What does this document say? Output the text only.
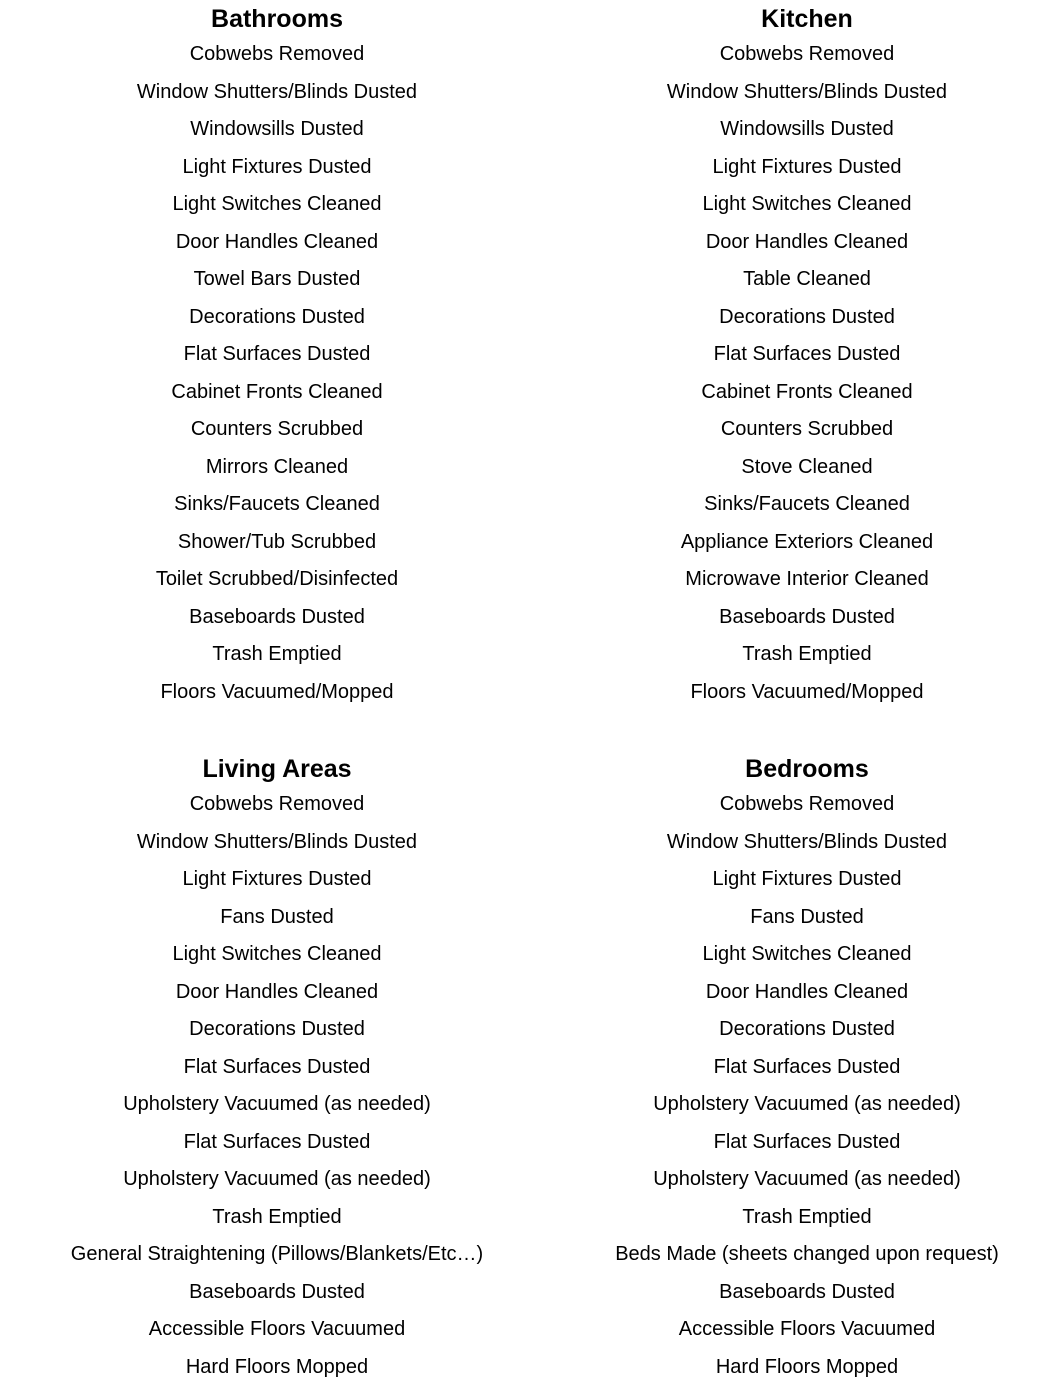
Bathrooms
Cobwebs Removed
Window Shutters/Blinds Dusted
Windowsills Dusted
Light Fixtures Dusted
Light Switches Cleaned
Door Handles Cleaned
Towel Bars Dusted
Decorations Dusted
Flat Surfaces Dusted
Cabinet Fronts Cleaned
Counters Scrubbed
Mirrors Cleaned
Sinks/Faucets Cleaned
Shower/Tub Scrubbed
Toilet Scrubbed/Disinfected
Baseboards Dusted
Trash Emptied
Floors Vacuumed/Mopped
Kitchen
Cobwebs Removed
Window Shutters/Blinds Dusted
Windowsills Dusted
Light Fixtures Dusted
Light Switches Cleaned
Door Handles Cleaned
Table Cleaned
Decorations Dusted
Flat Surfaces Dusted
Cabinet Fronts Cleaned
Counters Scrubbed
Stove Cleaned
Sinks/Faucets Cleaned
Appliance Exteriors Cleaned
Microwave Interior Cleaned
Baseboards Dusted
Trash Emptied
Floors Vacuumed/Mopped
Living Areas
Cobwebs Removed
Window Shutters/Blinds Dusted
Light Fixtures Dusted
Fans Dusted
Light Switches Cleaned
Door Handles Cleaned
Decorations Dusted
Flat Surfaces Dusted
Upholstery Vacuumed (as needed)
Flat Surfaces Dusted
Upholstery Vacuumed (as needed)
Trash Emptied
General Straightening (Pillows/Blankets/Etc…)
Baseboards Dusted
Accessible Floors Vacuumed
Hard Floors Mopped
Bedrooms
Cobwebs Removed
Window Shutters/Blinds Dusted
Light Fixtures Dusted
Fans Dusted
Light Switches Cleaned
Door Handles Cleaned
Decorations Dusted
Flat Surfaces Dusted
Upholstery Vacuumed (as needed)
Flat Surfaces Dusted
Upholstery Vacuumed (as needed)
Trash Emptied
Beds Made (sheets changed upon request)
Baseboards Dusted
Accessible Floors Vacuumed
Hard Floors Mopped
